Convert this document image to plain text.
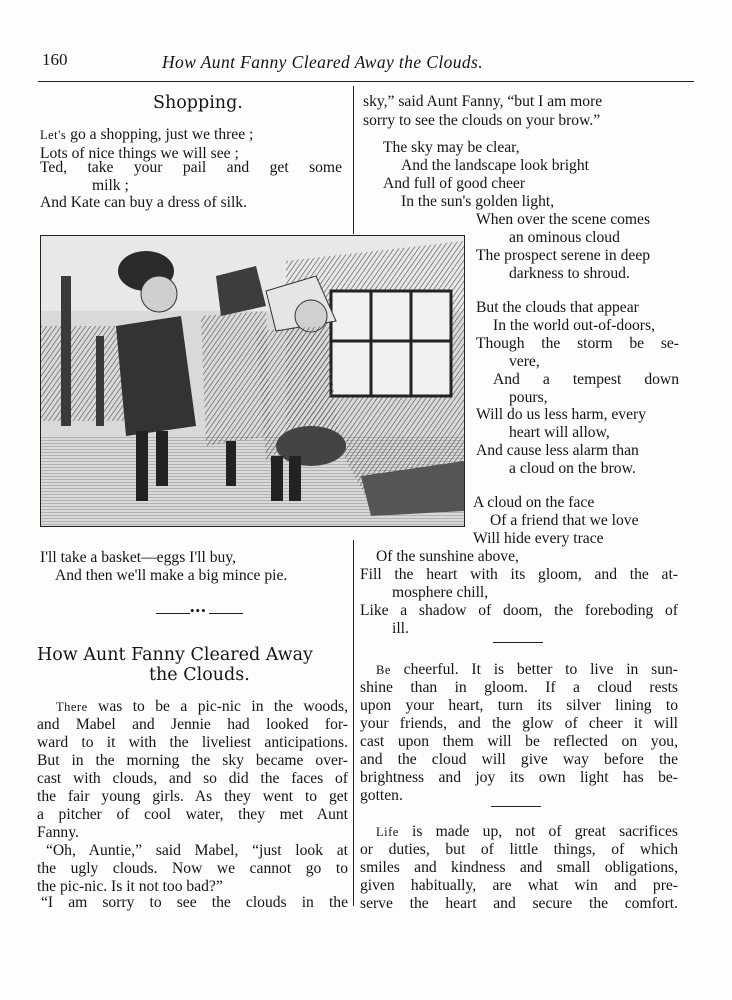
160	How Aunt Fanny Cleared Away the Clouds.
Shopping.
Let's go a shopping, just we three ;
Lots of nice things we will see ;
Ted, take your pail and get some
milk ;
And Kate can buy a dress of silk.
sky,” said Aunt Fanny, “but I am more
sorry to see the clouds on your brow.”
The sky may be clear,
And the landscape look bright
And full of good cheer
In the sun's golden light,
When over the scene comes
an ominous cloud
The prospect serene in deep
darkness to shroud.
But the clouds that appear
In the world out-of-doors,
Though the storm be se-
vere,
And a tempest down
pours,
Will do us less harm, every
heart will allow,
And cause less alarm than
a cloud on the brow.
A cloud on the face
Of a friend that we love
Will hide every trace
Of the sunshine above,
Fill the heart with its gloom, and the at-
mosphere chill,
Like a shadow of doom, the foreboding of
ill.
I'll take a basket—eggs I'll buy,
And then we'll make a big mince pie.
•••
How Aunt Fanny Cleared Away
the Clouds.
There was to be a pic-nic in the woods,
and Mabel and Jennie had looked for-
ward to it with the liveliest anticipations.
But in the morning the sky became over-
cast with clouds, and so did the faces of
the fair young girls. As they went to get
a pitcher of cool water, they met Aunt
Fanny.
“Oh, Auntie,” said Mabel, “just look at
the ugly clouds. Now we cannot go to
the pic-nic. Is it not too bad?”
“I am sorry to see the clouds in the
Be cheerful. It is better to live in sun-
shine than in gloom. If a cloud rests
upon your heart, turn its silver lining to
your friends, and the glow of cheer it will
cast upon them will be reflected on you,
and the cloud will give way before the
brightness and joy its own light has be-
gotten.
Life is made up, not of great sacrifices
or duties, but of little things, of which
smiles and kindness and small obligations,
given habitually, are what win and pre-
serve the heart and secure the comfort.
